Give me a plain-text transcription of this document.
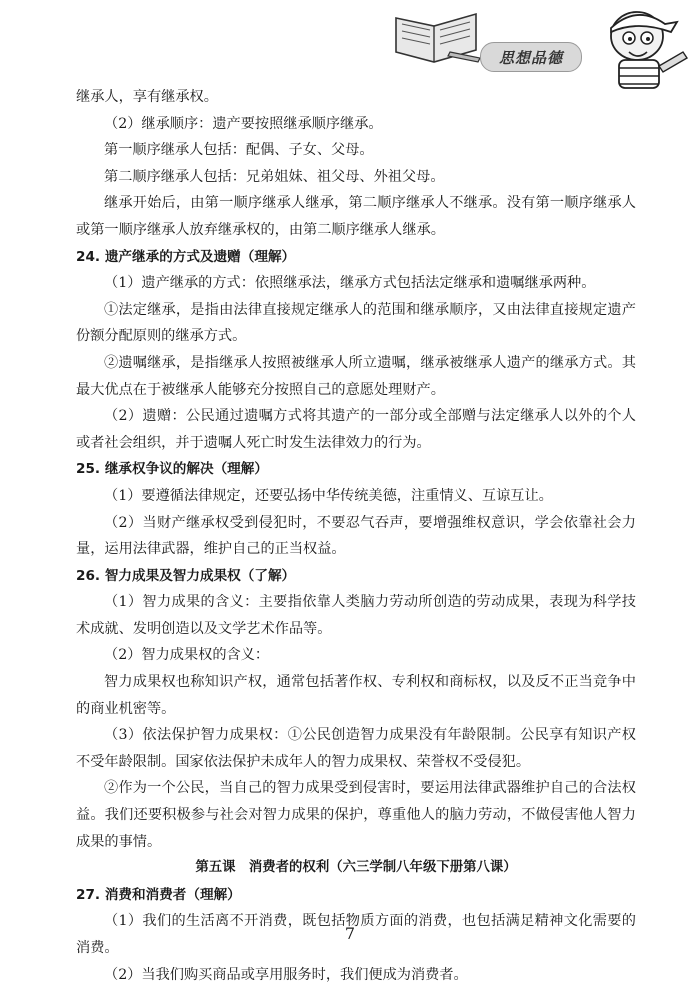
思想品德

继承人，享有继承权。

（2）继承顺序：遗产要按照继承顺序继承。

第一顺序继承人包括：配偶、子女、父母。

第二顺序继承人包括：兄弟姐妹、祖父母、外祖父母。

继承开始后，由第一顺序继承人继承，第二顺序继承人不继承。没有第一顺序继承人或第一顺序继承人放弃继承权的，由第二顺序继承人继承。

24. 遗产继承的方式及遗赠（理解）

（1）遗产继承的方式：依照继承法，继承方式包括法定继承和遗嘱继承两种。

①法定继承，是指由法律直接规定继承人的范围和继承顺序，又由法律直接规定遗产份额分配原则的继承方式。

②遗嘱继承，是指继承人按照被继承人所立遗嘱，继承被继承人遗产的继承方式。其最大优点在于被继承人能够充分按照自己的意愿处理财产。

（2）遗赠：公民通过遗嘱方式将其遗产的一部分或全部赠与法定继承人以外的个人或者社会组织，并于遗嘱人死亡时发生法律效力的行为。

25. 继承权争议的解决（理解）

（1）要遵循法律规定，还要弘扬中华传统美德，注重情义、互谅互让。

（2）当财产继承权受到侵犯时，不要忍气吞声，要增强维权意识，学会依靠社会力量，运用法律武器，维护自己的正当权益。

26. 智力成果及智力成果权（了解）

（1）智力成果的含义：主要指依靠人类脑力劳动所创造的劳动成果，表现为科学技术成就、发明创造以及文学艺术作品等。

（2）智力成果权的含义：

智力成果权也称知识产权，通常包括著作权、专利权和商标权，以及反不正当竞争中的商业机密等。

（3）依法保护智力成果权：①公民创造智力成果没有年龄限制。公民享有知识产权不受年龄限制。国家依法保护未成年人的智力成果权、荣誉权不受侵犯。

②作为一个公民，当自己的智力成果受到侵害时，要运用法律武器维护自己的合法权益。我们还要积极参与社会对智力成果的保护，尊重他人的脑力劳动，不做侵害他人智力成果的事情。

第五课　消费者的权利（六三学制八年级下册第八课）

27. 消费和消费者（理解）

（1）我们的生活离不开消费，既包括物质方面的消费，也包括满足精神文化需要的消费。

（2）当我们购买商品或享用服务时，我们便成为消费者。

7
